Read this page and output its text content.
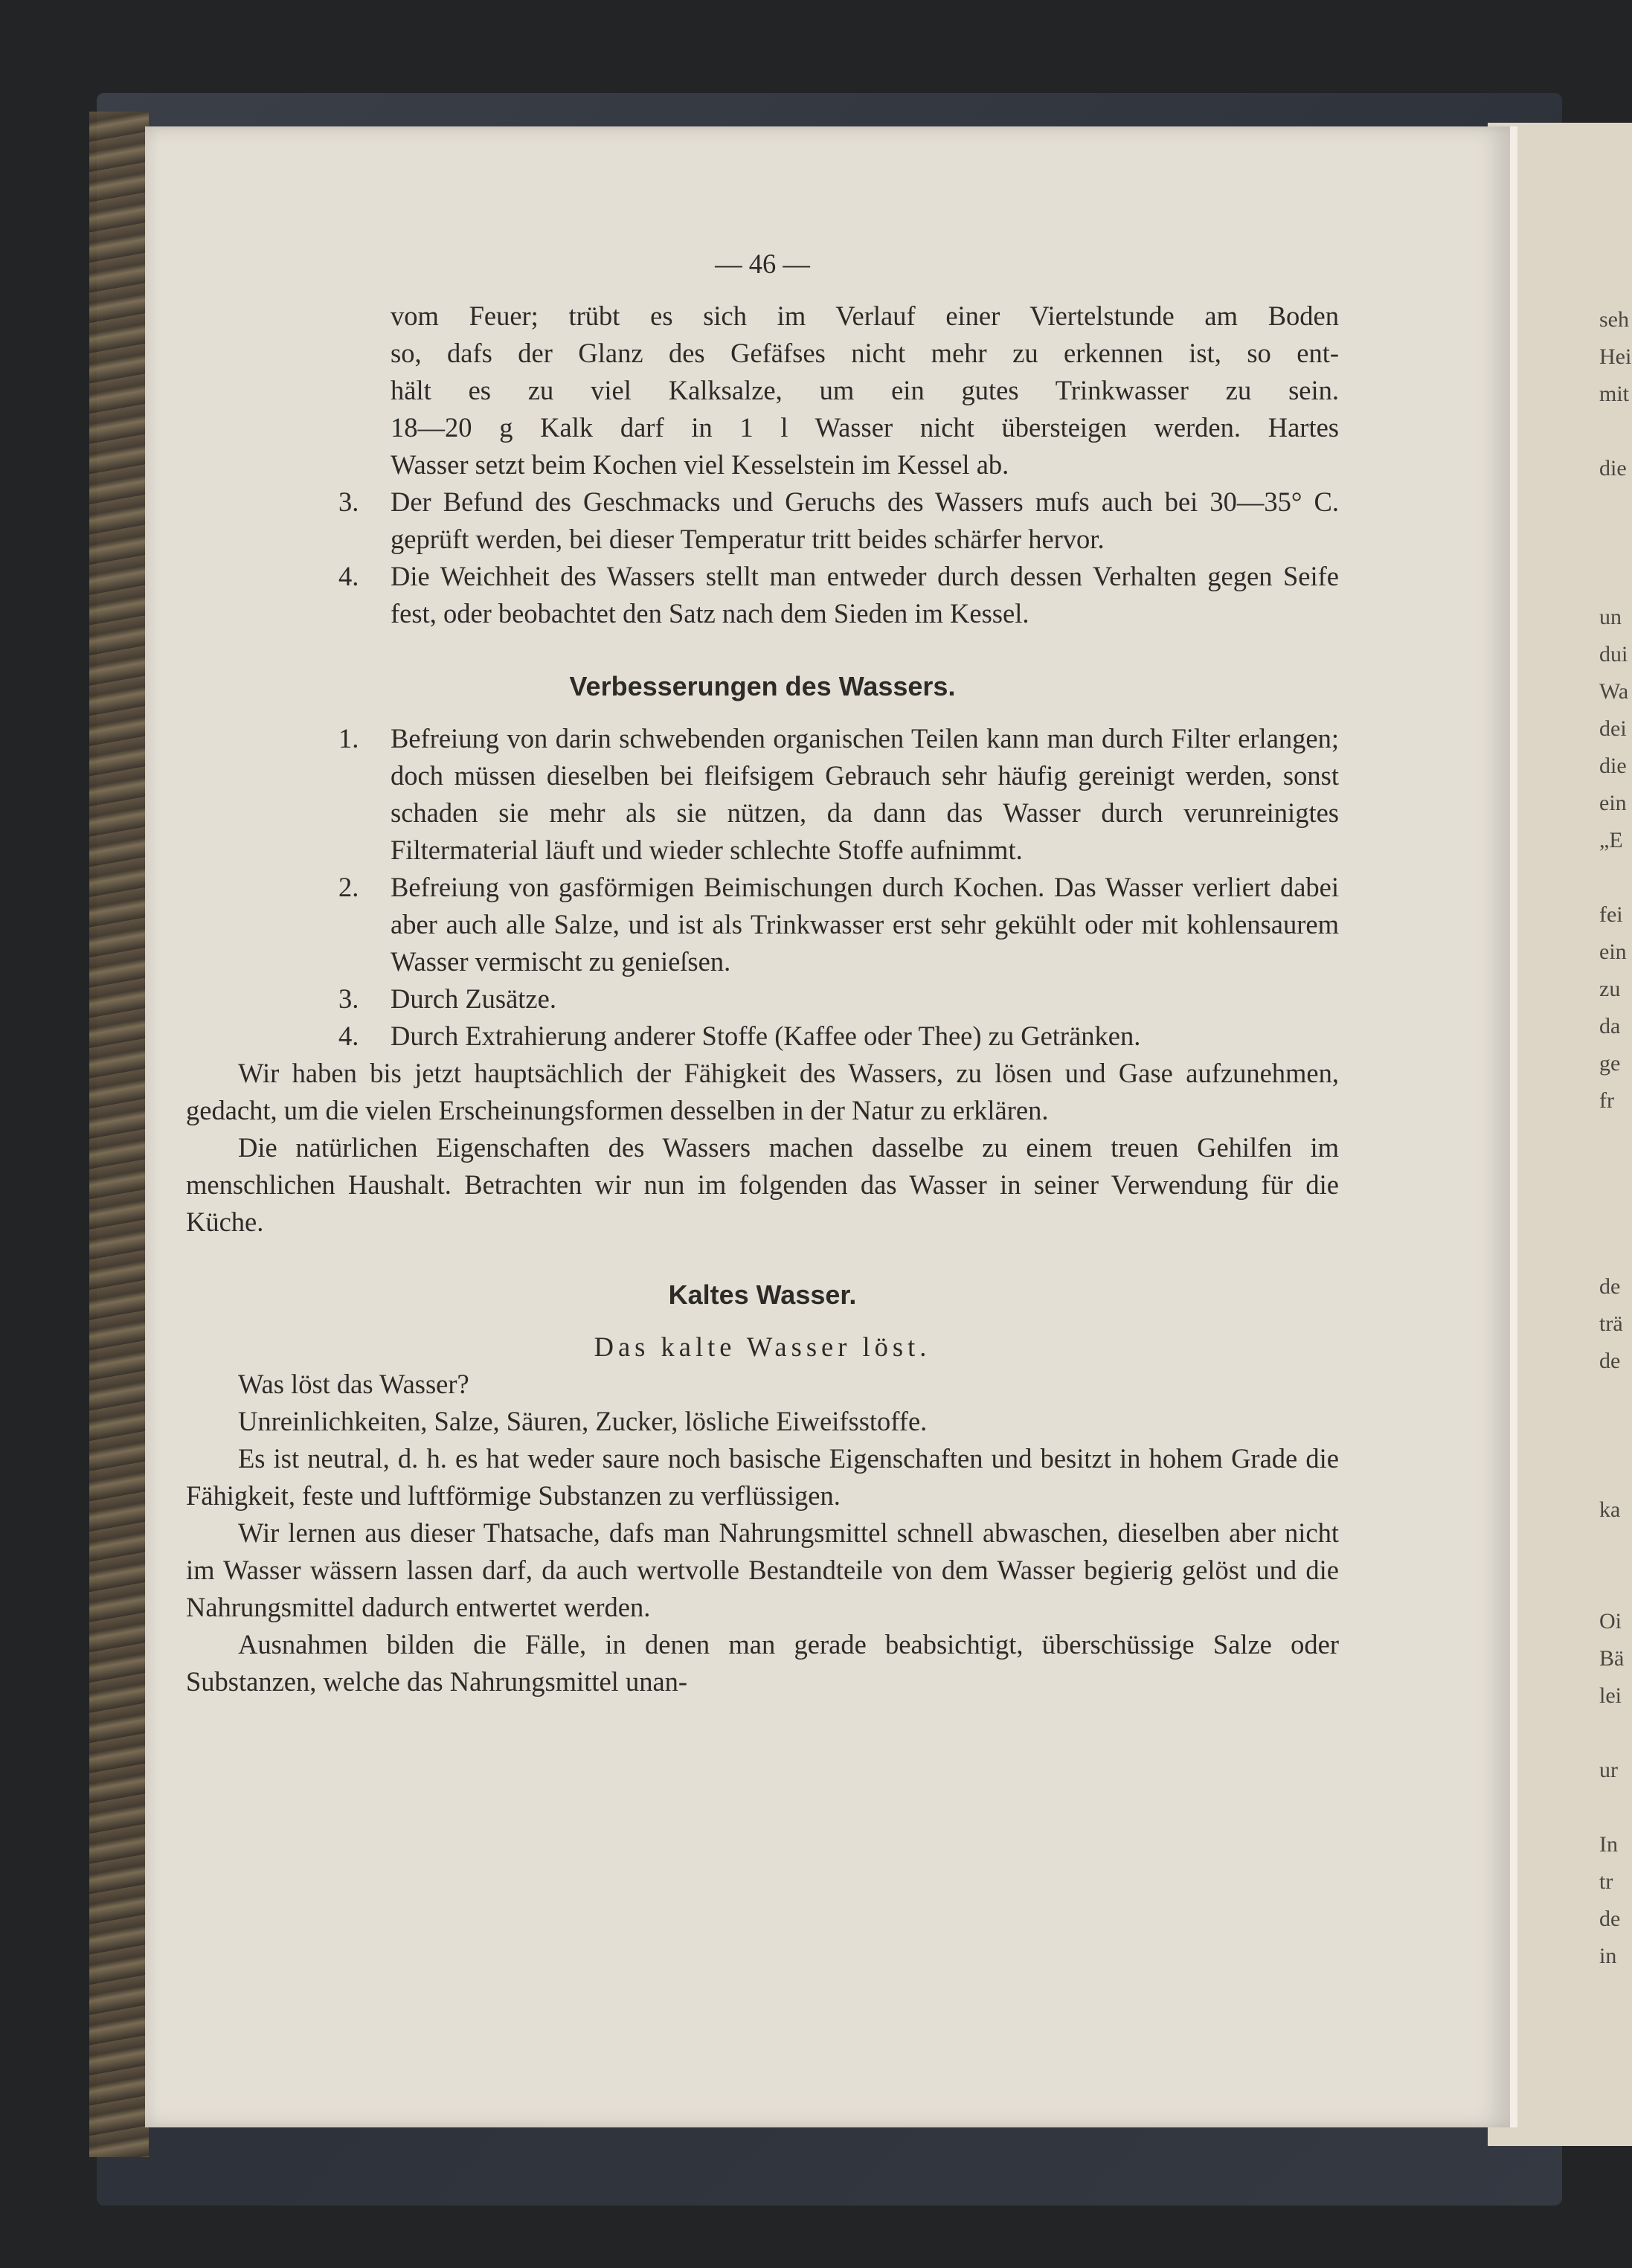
seh
Hei
mit
die
un
dui
Wa
dei
die
ein
„E
fei
ein
zu
da
ge
fr
de
trä
de
ka
Oi
Bä
lei
ur
In
tr
de
in
— 46 —
vom Feuer; trübt es sich im Verlauf einer Viertelstunde am Boden
so, dafs der Glanz des Gefäfses nicht mehr zu erkennen ist, so ent-
hält es zu viel Kalksalze, um ein gutes Trinkwasser zu sein.
18—20 g Kalk darf in 1 l Wasser nicht übersteigen werden. Hartes
Wasser setzt beim Kochen viel Kesselstein im Kessel ab.
3. Der Befund des Geschmacks und Geruchs des Wassers mufs auch bei 30—35° C. geprüft werden, bei dieser Temperatur tritt beides schärfer hervor.
4. Die Weichheit des Wassers stellt man entweder durch dessen Verhalten gegen Seife fest, oder beobachtet den Satz nach dem Sieden im Kessel.
Verbesserungen des Wassers.
1. Befreiung von darin schwebenden organischen Teilen kann man durch Filter erlangen; doch müssen dieselben bei fleifsigem Gebrauch sehr häufig gereinigt werden, sonst schaden sie mehr als sie nützen, da dann das Wasser durch verunreinigtes Filtermaterial läuft und wieder schlechte Stoffe aufnimmt.
2. Befreiung von gasförmigen Beimischungen durch Kochen. Das Wasser verliert dabei aber auch alle Salze, und ist als Trinkwasser erst sehr gekühlt oder mit kohlensaurem Wasser vermischt zu genieſsen.
3. Durch Zusätze.
4. Durch Extrahierung anderer Stoffe (Kaffee oder Thee) zu Getränken.
Wir haben bis jetzt hauptsächlich der Fähigkeit des Wassers, zu lösen und Gase aufzunehmen, gedacht, um die vielen Erscheinungsformen desselben in der Natur zu erklären.
Die natürlichen Eigenschaften des Wassers machen dasselbe zu einem treuen Gehilfen im menschlichen Haushalt. Betrachten wir nun im folgenden das Wasser in seiner Verwendung für die Küche.
Kaltes Wasser.
Das kalte Wasser löst.
Was löst das Wasser?
Unreinlichkeiten, Salze, Säuren, Zucker, lösliche Eiweifsstoffe.
Es ist neutral, d. h. es hat weder saure noch basische Eigenschaften und besitzt in hohem Grade die Fähigkeit, feste und luftförmige Substanzen zu verflüssigen.
Wir lernen aus dieser Thatsache, dafs man Nahrungsmittel schnell abwaschen, dieselben aber nicht im Wasser wässern lassen darf, da auch wertvolle Bestandteile von dem Wasser begierig gelöst und die Nahrungsmittel dadurch entwertet werden.
Ausnahmen bilden die Fälle, in denen man gerade beabsichtigt, überschüssige Salze oder Substanzen, welche das Nahrungsmittel unan-
